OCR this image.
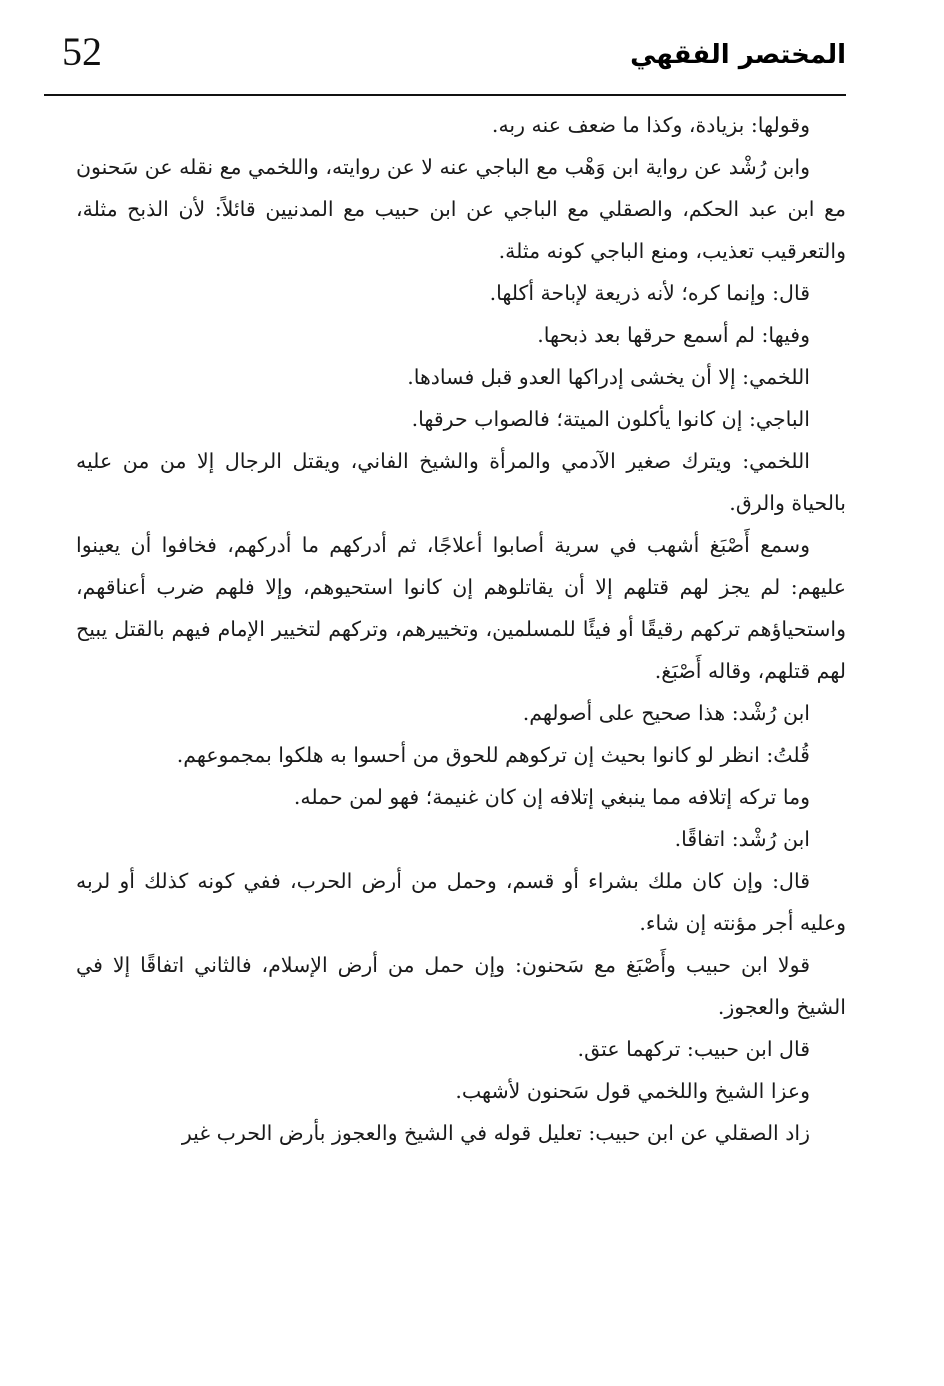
52	المختصر الفقهي

وقولها: بزيادة، وكذا ما ضعف عنه ربه.

وابن رُشْد عن رواية ابن وَهْب مع الباجي عنه لا عن روايته، واللخمي مع نقله عن سَحنون مع ابن عبد الحكم، والصقلي مع الباجي عن ابن حبيب مع المدنيين قائلاً: لأن الذبح مثلة، والتعرقيب تعذيب، ومنع الباجي كونه مثلة.

قال: وإنما كره؛ لأنه ذريعة لإباحة أكلها.

وفيها: لم أسمع حرقها بعد ذبحها.

اللخمي: إلا أن يخشى إدراكها العدو قبل فسادها.

الباجي: إن كانوا يأكلون الميتة؛ فالصواب حرقها.

اللخمي: ويترك صغير الآدمي والمرأة والشيخ الفاني، ويقتل الرجال إلا من من عليه بالحياة والرق.

وسمع أَصْبَغ أشهب في سرية أصابوا أعلاجًا، ثم أدركهم ما أدركهم، فخافوا أن يعينوا عليهم: لم يجز لهم قتلهم إلا أن يقاتلوهم إن كانوا استحيوهم، وإلا فلهم ضرب أعناقهم، واستحياؤهم تركهم رقيقًا أو فيئًا للمسلمين، وتخييرهم، وتركهم لتخيير الإمام فيهم بالقتل يبيح لهم قتلهم، وقاله أَصْبَغ.

ابن رُشْد: هذا صحيح على أصولهم.

قُلتُ: انظر لو كانوا بحيث إن تركوهم للحوق من أحسوا به هلكوا بمجموعهم.

وما تركه إتلافه مما ينبغي إتلافه إن كان غنيمة؛ فهو لمن حمله.

ابن رُشْد: اتفاقًا.

قال: وإن كان ملك بشراء أو قسم، وحمل من أرض الحرب، ففي كونه كذلك أو لربه وعليه أجر مؤنته إن شاء.

قولا ابن حبيب وأَصْبَغ مع سَحنون: وإن حمل من أرض الإسلام، فالثاني اتفاقًا إلا في الشيخ والعجوز.

قال ابن حبيب: تركهما عتق.

وعزا الشيخ واللخمي قول سَحنون لأشهب.

زاد الصقلي عن ابن حبيب: تعليل قوله في الشيخ والعجوز بأرض الحرب غير
